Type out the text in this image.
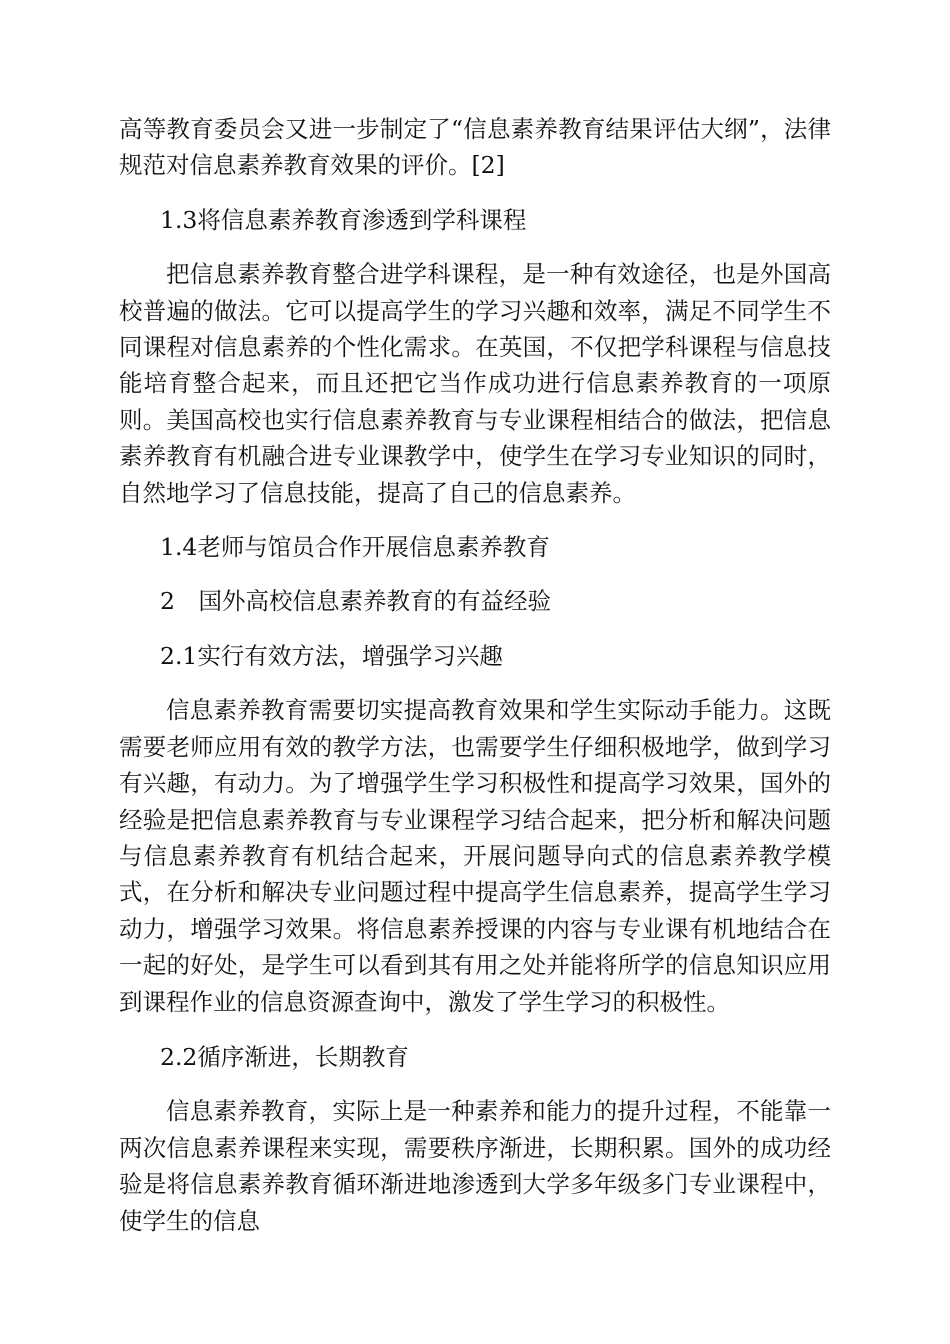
高等教育委员会又进一步制定了“信息素养教育结果评估大纲”，法律规范对信息素养教育效果的评价。[2]

1.3将信息素养教育渗透到学科课程

把信息素养教育整合进学科课程，是一种有效途径，也是外国高校普遍的做法。它可以提高学生的学习兴趣和效率，满足不同学生不同课程对信息素养的个性化需求。在英国，不仅把学科课程与信息技能培育整合起来，而且还把它当作成功进行信息素养教育的一项原则。美国高校也实行信息素养教育与专业课程相结合的做法，把信息素养教育有机融合进专业课教学中，使学生在学习专业知识的同时，自然地学习了信息技能，提高了自己的信息素养。

1.4老师与馆员合作开展信息素养教育

2　国外高校信息素养教育的有益经验

2.1实行有效方法，增强学习兴趣

信息素养教育需要切实提高教育效果和学生实际动手能力。这既需要老师应用有效的教学方法，也需要学生仔细积极地学，做到学习有兴趣，有动力。为了增强学生学习积极性和提高学习效果，国外的经验是把信息素养教育与专业课程学习结合起来，把分析和解决问题与信息素养教育有机结合起来，开展问题导向式的信息素养教学模式，在分析和解决专业问题过程中提高学生信息素养，提高学生学习动力，增强学习效果。将信息素养授课的内容与专业课有机地结合在一起的好处，是学生可以看到其有用之处并能将所学的信息知识应用到课程作业的信息资源查询中，激发了学生学习的积极性。

2.2循序渐进，长期教育

信息素养教育，实际上是一种素养和能力的提升过程，不能靠一两次信息素养课程来实现，需要秩序渐进，长期积累。国外的成功经验是将信息素养教育循环渐进地渗透到大学多年级多门专业课程中，使学生的信息
